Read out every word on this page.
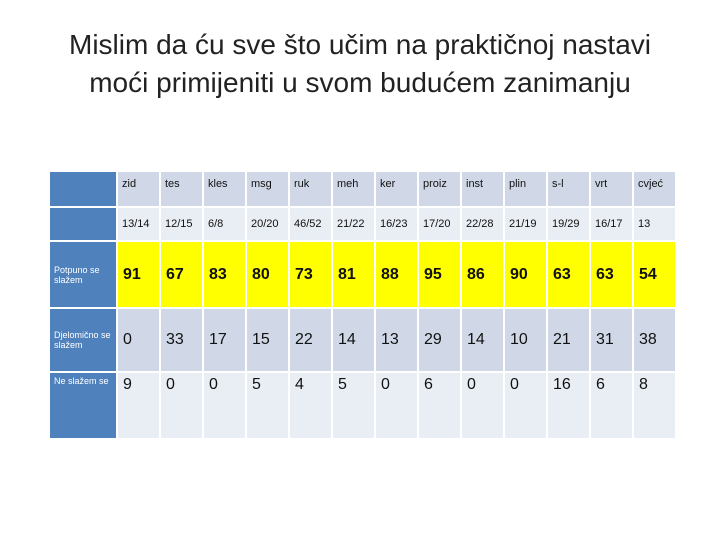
Mislim da ću sve što učim na praktičnoj nastavi
moći primijeniti u svom budućem zanimanju
	zid	tes	kles	msg	ruk	meh	ker	proiz	inst	plin	s-l	vrt	cvjeć
	13/14	12/15	6/8	20/20	46/52	21/22	16/23	17/20	22/28	21/19	19/29	16/17	13
Potpuno se slažem	91	67	83	80	73	81	88	95	86	90	63	63	54
Djelomično se slažem	0	33	17	15	22	14	13	29	14	10	21	31	38
Ne slažem se	9	0	0	5	4	5	0	6	0	0	16	6	8
